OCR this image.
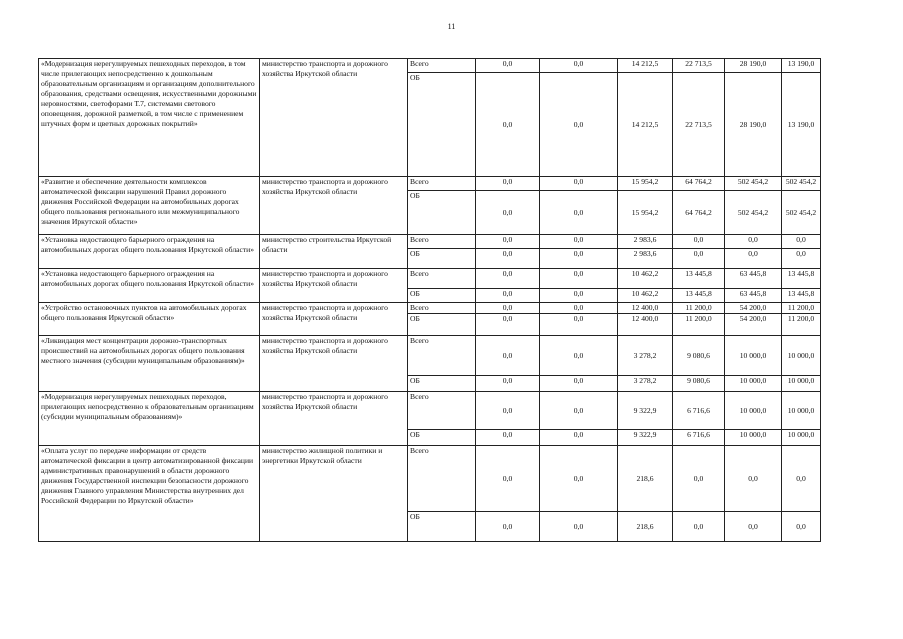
11
«Модернизация нерегулируемых пешеходных переходов, в том числе прилегающих непосредственно к дошкольным образовательным организациям и организациям дополнительного образования, средствами освещения, искусственными дорожными неровностями, светофорами Т.7, системами светового оповещения, дорожной разметкой, в том числе с применением штучных форм и цветных дорожных покрытий»	министерство транспорта и дорожного хозяйства Иркутской области	Всего	0,0	0,0	14 212,5	22 713,5	28 190,0	13 190,0
		ОБ	0,0	0,0	14 212,5	22 713,5	28 190,0	13 190,0
«Развитие и обеспечение деятельности комплексов автоматической фиксации нарушений Правил дорожного движения Российской Федерации на автомобильных дорогах общего пользования регионального или межмуниципального значения Иркутской области»	министерство транспорта и дорожного хозяйства Иркутской области	Всего	0,0	0,0	15 954,2	64 764,2	502 454,2	502 454,2
		ОБ	0,0	0,0	15 954,2	64 764,2	502 454,2	502 454,2
«Установка недостающего барьерного ограждения на автомобильных дорогах общего пользования Иркутской области»	министерство строительства Иркутской области	Всего	0,0	0,0	2 983,6	0,0	0,0	0,0
		ОБ	0,0	0,0	2 983,6	0,0	0,0	0,0
«Установка недостающего барьерного ограждения на автомобильных дорогах общего пользования Иркутской области»	министерство транспорта и дорожного хозяйства Иркутской области	Всего	0,0	0,0	10 462,2	13 445,8	63 445,8	13 445,8
		ОБ	0,0	0,0	10 462,2	13 445,8	63 445,8	13 445,8
«Устройство остановочных пунктов на автомобильных дорогах общего пользования Иркутской области»	министерство транспорта и дорожного хозяйства Иркутской области	Всего	0,0	0,0	12 400,0	11 200,0	54 200,0	11 200,0
		ОБ	0,0	0,0	12 400,0	11 200,0	54 200,0	11 200,0
«Ликвидация мест концентрации дорожно-транспортных происшествий на автомобильных дорогах общего пользования местного значения (субсидии муниципальным образованиям)»	министерство транспорта и дорожного хозяйства Иркутской области	Всего	0,0	0,0	3 278,2	9 080,6	10 000,0	10 000,0
		ОБ	0,0	0,0	3 278,2	9 080,6	10 000,0	10 000,0
«Модернизация нерегулируемых пешеходных переходов, прилегающих непосредственно к образовательным организациям (субсидии муниципальным образованиям)»	министерство транспорта и дорожного хозяйства Иркутской области	Всего	0,0	0,0	9 322,9	6 716,6	10 000,0	10 000,0
		ОБ	0,0	0,0	9 322,9	6 716,6	10 000,0	10 000,0
«Оплата услуг по передаче информации от средств автоматической фиксации в центр автоматизированной фиксации административных правонарушений в области дорожного движения Государственной инспекции безопасности дорожного движения Главного управления Министерства внутренних дел Российской Федерации по Иркутской области»	министерство жилищной политики и энергетики Иркутской области	Всего	0,0	0,0	218,6	0,0	0,0	0,0
		ОБ	0,0	0,0	218,6	0,0	0,0	0,0
